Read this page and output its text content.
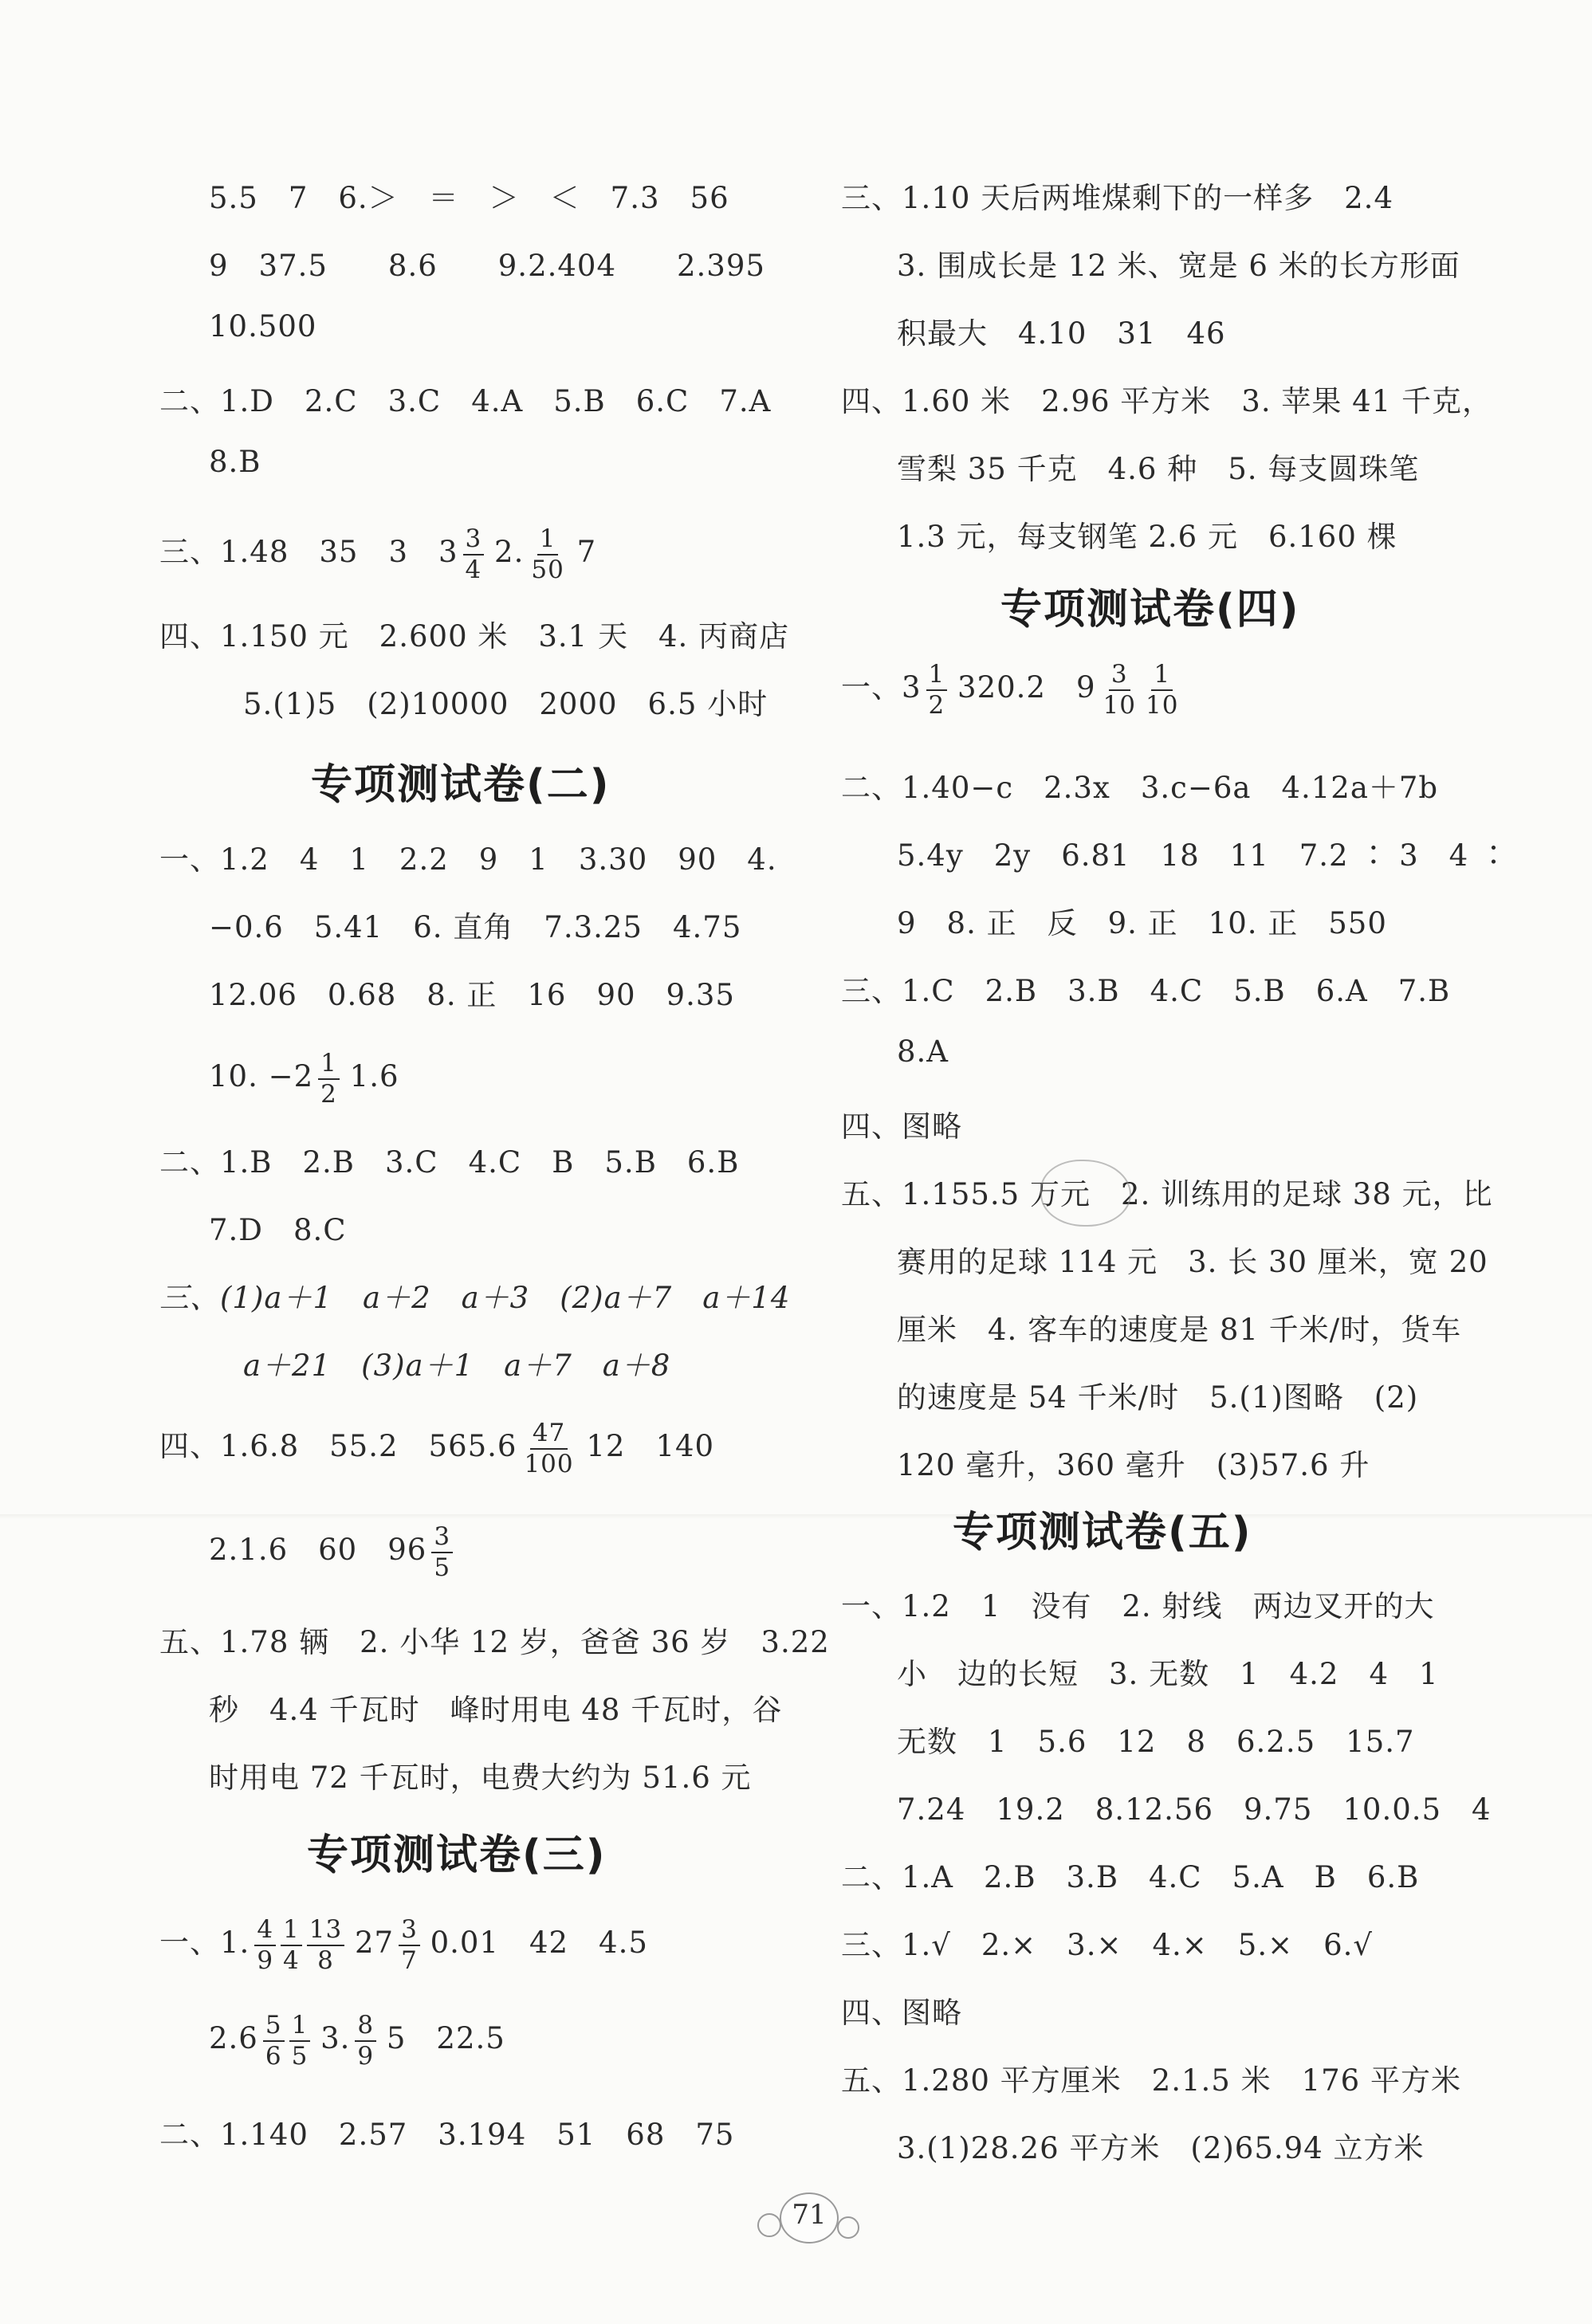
5.5　7　6.＞　＝　＞　＜　7.3　56
9　37.5　　8.6　　9.2.404　　2.395
10.500
二、1.D　2.C　3.C　4.A　5.B　6.C　7.A
8.B
三、1.48　35　3　$3 \frac{3}{4} 2$. $\frac{1}{50} 7$
四、1.150 元　2.600 米　3.1 天　4. 丙商店
5.(1)5　(2)10000　2000　6.5 小时
专项测试卷(二)
一、1.2　4　1　2.2　9　1　3.30　90　4.
−0.6　5.41　6. 直角　7.3.25　4.75
12.06　0.68　8. 正　16　90　9.35
10. $-2 \frac{1}{2} 1.6$
二、1.B　2.B　3.C　4.C　B　5.B　6.B
7.D　8.C
三、(1)a＋1　a＋2　a＋3　(2)a＋7　a＋14
a＋21　(3)a＋1　a＋7　a＋8
四、1.6.8　55.2　$565.6 \frac{47}{100} 12$　140
2.1.6　60　$96 \frac{3}{5}$
五、1.78 辆　2. 小华 12 岁，爸爸 36 岁　3.22
秒　4.4 千瓦时　峰时用电 48 千瓦时，谷
时用电 72 千瓦时，电费大约为 51.6 元
专项测试卷(三)
一、1. $\frac{4}{9} \frac{1}{4} \frac{13}{8} 27 \frac{3}{7} 0.01$　42　4.5
$2.6 \frac{5}{6} \frac{1}{5} 3$. $\frac{8}{9} 5$　22.5
二、1.140　2.57　3.194　51　68　75
三、1.10 天后两堆煤剩下的一样多　2.4
3. 围成长是 12 米、宽是 6 米的长方形面
积最大　4.10　31　46
四、1.60 米　2.96 平方米　3. 苹果 41 千克，
雪梨 35 千克　4.6 种　5. 每支圆珠笔
1.3 元，每支钢笔 2.6 元　6.160 棵
专项测试卷(四)
一、$3 \frac{1}{2} 320.2$　$9 \frac{3}{10} \frac{1}{10}$
二、1.40−c　2.3x　3.c−6a　4.12a＋7b
5.4y　2y　6.81　18　11　7.2 ∶ 3　4 ∶
9　8. 正　反　9. 正　10. 正　550
三、1.C　2.B　3.B　4.C　5.B　6.A　7.B
8.A
四、图略
五、1.155.5 万元　2. 训练用的足球 38 元，比
赛用的足球 114 元　3. 长 30 厘米，宽 20
厘米　4. 客车的速度是 81 千米/时，货车
的速度是 54 千米/时　5.(1)图略　(2)
120 毫升，360 毫升　(3)57.6 升
专项测试卷(五)
一、1.2　1　没有　2. 射线　两边叉开的大
小　边的长短　3. 无数　1　4.2　4　1
无数　1　5.6　12　8　6.2.5　15.7
7.24　19.2　8.12.56　9.75　10.0.5　4
二、1.A　2.B　3.B　4.C　5.A　B　6.B
三、1.√　2.×　3.×　4.×　5.×　6.√
四、图略
五、1.280 平方厘米　2.1.5 米　176 平方米
3.(1)28.26 平方米　(2)65.94 立方米
71
